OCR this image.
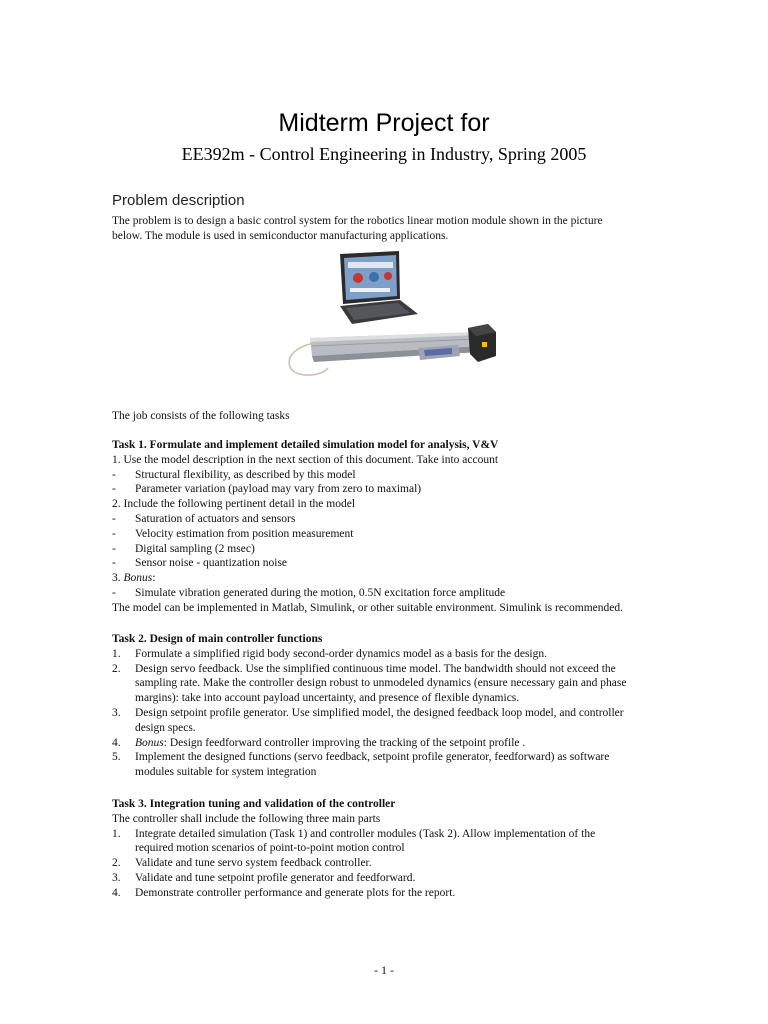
Midterm Project for
EE392m - Control Engineering in Industry, Spring 2005
Problem description
The problem is to design a basic control system for the robotics linear motion module shown in the picture
below. The module is used in semiconductor manufacturing applications.
The job consists of the following tasks
Task 1. Formulate and implement detailed simulation model for analysis, V&V
1. Use the model description in the next section of this document. Take into account
- Structural flexibility, as described by this model
- Parameter variation (payload may vary from zero to maximal)
2. Include the following pertinent detail in the model
- Saturation of actuators and sensors
- Velocity estimation from position measurement
- Digital sampling (2 msec)
- Sensor noise - quantization noise
3. Bonus:
- Simulate vibration generated during the motion, 0.5N excitation force amplitude
The model can be implemented in Matlab, Simulink, or other suitable environment. Simulink is recommended.
Task 2. Design of main controller functions
1. Formulate a simplified rigid body second-order dynamics model as a basis for the design.
2. Design servo feedback. Use the simplified continuous time model. The bandwidth should not exceed the
sampling rate. Make the controller design robust to unmodeled dynamics (ensure necessary gain and phase
margins): take into account payload uncertainty, and presence of flexible dynamics.
3. Design setpoint profile generator. Use simplified model, the designed feedback loop model, and controller
design specs.
4. Bonus: Design feedforward controller improving the tracking of the setpoint profile .
5. Implement the designed functions (servo feedback, setpoint profile generator, feedforward) as software
modules suitable for system integration
Task 3. Integration tuning and validation of the controller
The controller shall include the following three main parts
1. Integrate detailed simulation (Task 1) and controller modules (Task 2). Allow implementation of the
required motion scenarios of point-to-point motion control
2. Validate and tune servo system feedback controller.
3. Validate and tune setpoint profile generator and feedforward.
4. Demonstrate controller performance and generate plots for the report.
- 1 -
